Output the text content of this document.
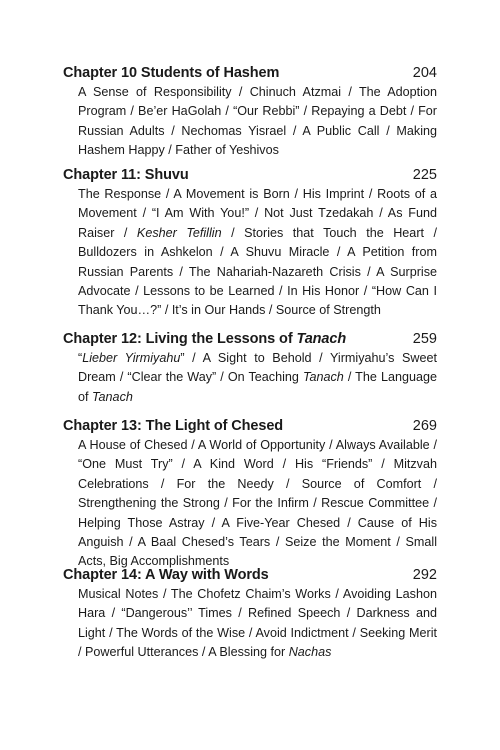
Chapter 10 Students of Hashem	204
A Sense of Responsibility / Chinuch Atzmai / The Adoption Program / Be’er HaGolah / “Our Rebbi” / Repaying a Debt / For Russian Adults / Nechomas Yisrael / A Public Call / Making Hashem Happy / Father of Yeshivos
Chapter 11: Shuvu	225
The Response / A Movement is Born / His Imprint / Roots of a Movement / “I Am With You!” / Not Just Tzedakah / As Fund Raiser / Kesher Tefillin / Stories that Touch the Heart / Bulldozers in Ashkelon / A Shuvu Miracle / A Petition from Russian Parents / The Nahariah-Nazareth Crisis / A Surprise Advocate / Lessons to be Learned / In His Honor / “How Can I Thank You…?” / It’s in Our Hands / Source of Strength
Chapter 12: Living the Lessons of Tanach	259
“Lieber Yirmiyahu” / A Sight to Behold / Yirmiyahu’s Sweet Dream / “Clear the Way” / On Teaching Tanach / The Language of Tanach
Chapter 13: The Light of Chesed	269
A House of Chesed / A World of Opportunity / Always Available / “One Must Try” / A Kind Word / His “Friends” / Mitzvah Celebrations / For the Needy / Source of Comfort / Strengthening the Strong / For the Infirm / Rescue Committee / Helping Those Astray / A Five-Year Chesed / Cause of His Anguish / A Baal Chesed’s Tears / Seize the Moment / Small Acts, Big Accomplishments
Chapter 14: A Way with Words	292
Musical Notes / The Chofetz Chaim’s Works / Avoiding Lashon Hara / “Dangerous’’ Times / Refined Speech / Darkness and Light / The Words of the Wise / Avoid Indictment / Seeking Merit / Powerful Utterances / A Blessing for Nachas
